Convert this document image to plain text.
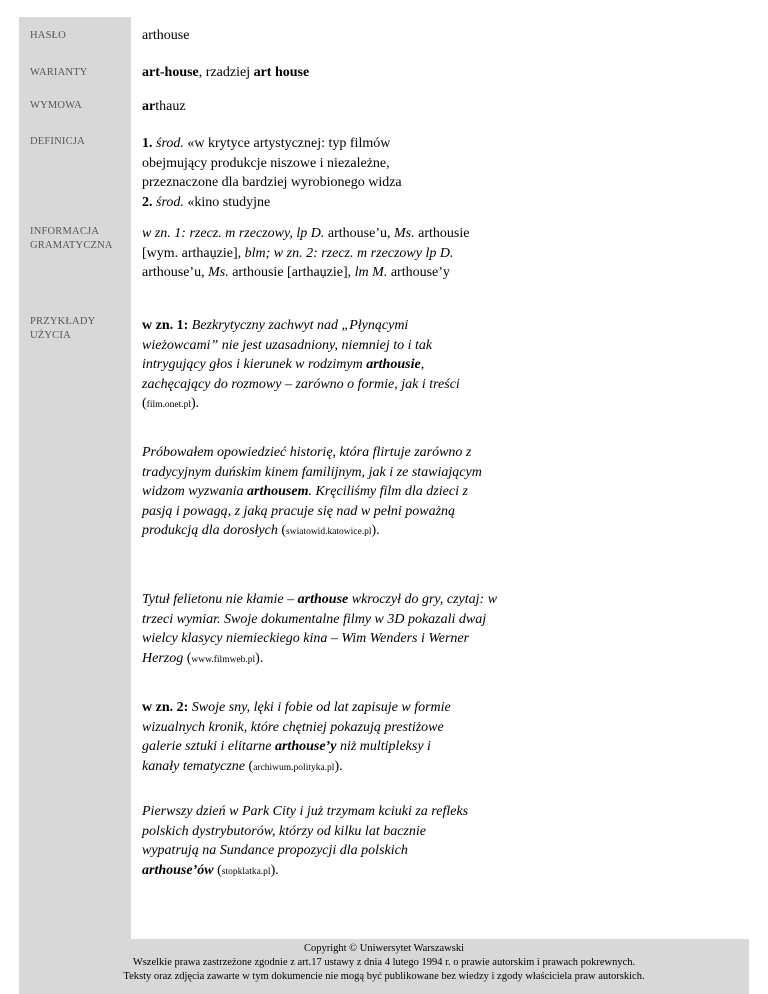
HASŁO
WARIANTY
WYMOWA
DEFINICJA
INFORMACJA
GRAMATYCZNA
PRZYKŁADY
UŻYCIA
arthouse
art-house, rzadziej art house
arthauz
1. środ. «w krytyce artystycznej: typ filmów obejmujący produkcje niszowe i niezależne, przeznaczone dla bardziej wyrobionego widza
2. środ. «kino studyjne
w zn. 1: rzecz. m rzeczowy, lp D. arthouse’u, Ms. arthousie [wym. arthaụzie], blm; w zn. 2: rzecz. m rzeczowy lp D. arthouse’u, Ms. arthousie [arthaụzie], lm M. arthouse’y
w zn. 1: Bezkrytyczny zachwyt nad „Płynącymi wieżowcami” nie jest uzasadniony, niemniej to i tak intrygujący głos i kierunek w rodzimym arthousie, zachęcający do rozmowy – zarówno o formie, jak i treści (film.onet.pl).
Próbowałem opowiedzieć historię, która flirtuje zarówno z tradycyjnym duńskim kinem familijnym, jak i ze stawiającym widzom wyzwania arthousem. Kręciliśmy film dla dzieci z pasją i powagą, z jaką pracuje się nad w pełni poważną produkcją dla dorosłych (swiatowid.katowice.pl).
Tytuł felietonu nie kłamie – arthouse wkroczył do gry, czytaj: w trzeci wymiar. Swoje dokumentalne filmy w 3D pokazali dwaj wielcy klasycy niemieckiego kina – Wim Wenders i Werner Herzog (www.filmweb.pl).
w zn. 2: Swoje sny, lęki i fobie od lat zapisuje w formie wizualnych kronik, które chętniej pokazują prestiżowe galerie sztuki i elitarne arthouse’y niż multipleksy i kanały tematyczne (archiwum.polityka.pl).
Pierwszy dzień w Park City i już trzymam kciuki za refleks polskich dystrybutorów, którzy od kilku lat bacznie wypatrują na Sundance propozycji dla polskich arthouse’ów (stopklatka.pl).
Copyright © Uniwersytet Warszawski
Wszelkie prawa zastrzeżone zgodnie z art.17 ustawy z dnia 4 lutego 1994 r. o prawie autorskim i prawach pokrewnych.
Teksty oraz zdjęcia zawarte w tym dokumencie nie mogą być publikowane bez wiedzy i zgody właściciela praw autorskich.
